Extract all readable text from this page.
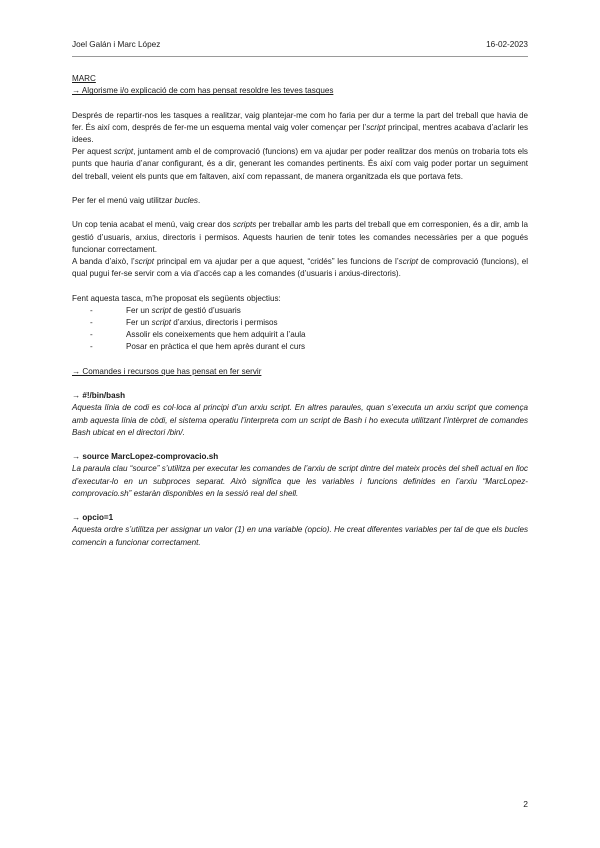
Joel Galán i Marc López	16-02-2023

MARC

→ Algorisme i/o explicació de com has pensat resoldre les teves tasques

Després de repartir-nos les tasques a realitzar, vaig plantejar-me com ho faria per dur a terme la part del treball que havia de fer. És així com, després de fer-me un esquema mental vaig voler començar per l’script principal, mentres acabava d’aclarir les idees.

Per aquest script, juntament amb el de comprovació (funcions) em va ajudar per poder realitzar dos menús on trobaria tots els punts que hauria d’anar configurant, és a dir, generant les comandes pertinents. És així com vaig poder portar un seguiment del treball, veient els punts que em faltaven, així com repassant, de manera organitzada els que portava fets.

Per fer el menú vaig utilitzar bucles.

Un cop tenia acabat el menú, vaig crear dos scripts per treballar amb les parts del treball que em corresponien, és a dir, amb la gestió d’usuaris, arxius, directoris i permisos. Aquests haurien de tenir totes les comandes necessàries per a que pogués funcionar correctament.

A banda d’això, l’script principal em va ajudar per a que aquest, “cridés” les funcions de l’script de comprovació (funcions), el qual pugui fer-se servir com a via d’accés cap a les comandes (d’usuaris i arxius-directoris).

Fent aquesta tasca, m’he proposat els següents objectius:

-	Fer un script de gestió d’usuaris
-	Fer un script d’arxius, directoris i permisos
-	Assolir els coneixements que hem adquirit a l’aula
-	Posar en pràctica el que hem après durant el curs

→ Comandes i recursos que has pensat en fer servir

→ #!/bin/bash

Aquesta línia de codi es col·loca al principi d’un arxiu script. En altres paraules, quan s’executa un arxiu script que comença amb aquesta línia de còdi, el sistema operatiu l’interpreta com un script de Bash i ho executa utilitzant l’intèrpret de comandes Bash ubicat en el directori /bin/.

→ source MarcLopez-comprovacio.sh

La paraula clau “source” s’utilitza per executar les comandes de l’arxiu de script dintre del mateix procès del shell actual en lloc d’executar-lo en un subproces separat. Això significa que les variables i funcions definides en l’arxiu “MarcLopez-comprovacio.sh” estaràn disponibles en la sessió real del shell.

→ opcio=1

Aquesta ordre s’utilitza per assignar un valor (1) en una variable (opcio). He creat diferentes variables per tal de que els bucles comencin a funcionar correctament.

2
